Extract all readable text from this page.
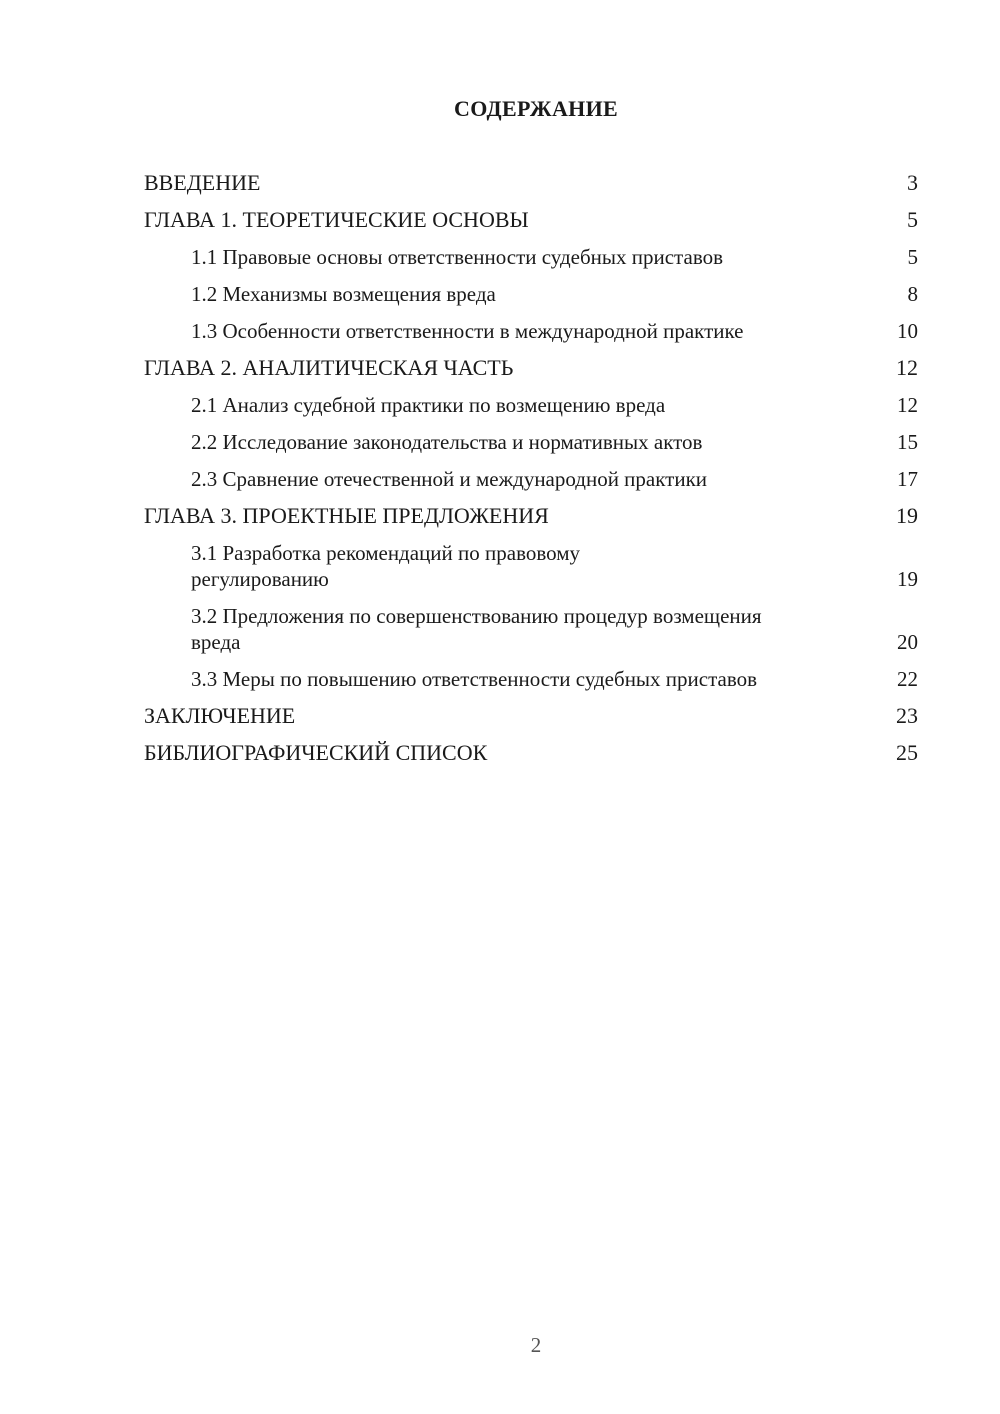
СОДЕРЖАНИЕ
ВВЕДЕНИЕ	3
ГЛАВА 1. ТЕОРЕТИЧЕСКИЕ ОСНОВЫ	5
1.1 Правовые основы ответственности судебных приставов	5
1.2 Механизмы возмещения вреда	8
1.3 Особенности ответственности в международной практике	10
ГЛАВА 2. АНАЛИТИЧЕСКАЯ ЧАСТЬ	12
2.1 Анализ судебной практики по возмещению вреда	12
2.2 Исследование законодательства и нормативных актов	15
2.3 Сравнение отечественной и международной практики	17
ГЛАВА 3. ПРОЕКТНЫЕ ПРЕДЛОЖЕНИЯ	19
3.1 Разработка рекомендаций по правовому регулированию	19
3.2 Предложения по совершенствованию процедур возмещения вреда	20
3.3 Меры по повышению ответственности судебных приставов	22
ЗАКЛЮЧЕНИЕ	23
БИБЛИОГРАФИЧЕСКИЙ СПИСОК	25
2
